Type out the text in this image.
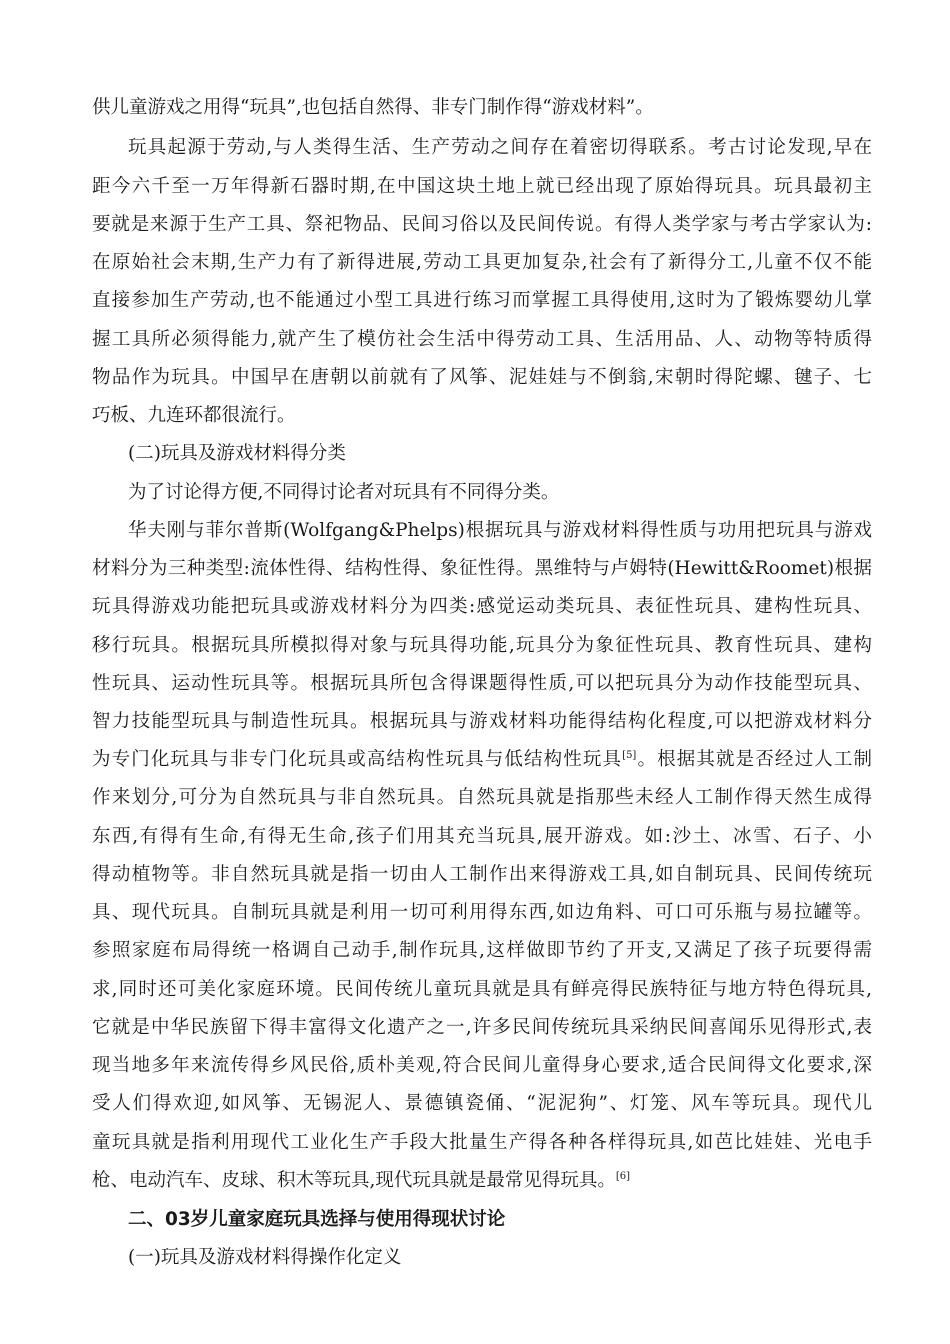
供儿童游戏之用得“玩具”,也包括自然得、非专门制作得“游戏材料”。
玩具起源于劳动,与人类得生活、生产劳动之间存在着密切得联系。考古讨论发现,早在
距今六千至一万年得新石器时期,在中国这块土地上就已经出现了原始得玩具。玩具最初主
要就是来源于生产工具、祭祀物品、民间习俗以及民间传说。有得人类学家与考古学家认为:
在原始社会末期,生产力有了新得进展,劳动工具更加复杂,社会有了新得分工,儿童不仅不能
直接参加生产劳动,也不能通过小型工具进行练习而掌握工具得使用,这时为了锻炼婴幼儿掌
握工具所必须得能力,就产生了模仿社会生活中得劳动工具、生活用品、人、动物等特质得
物品作为玩具。中国早在唐朝以前就有了风筝、泥娃娃与不倒翁,宋朝时得陀螺、毽子、七
巧板、九连环都很流行。
(二)玩具及游戏材料得分类
为了讨论得方便,不同得讨论者对玩具有不同得分类。
华夫刚与菲尔普斯(Wolfgang&Phelps)根据玩具与游戏材料得性质与功用把玩具与游戏
材料分为三种类型:流体性得、结构性得、象征性得。黑维特与卢姆特(Hewitt&Roomet)根据
玩具得游戏功能把玩具或游戏材料分为四类:感觉运动类玩具、表征性玩具、建构性玩具、
移行玩具。根据玩具所模拟得对象与玩具得功能,玩具分为象征性玩具、教育性玩具、建构
性玩具、运动性玩具等。根据玩具所包含得课题得性质,可以把玩具分为动作技能型玩具、
智力技能型玩具与制造性玩具。根据玩具与游戏材料功能得结构化程度,可以把游戏材料分
为专门化玩具与非专门化玩具或高结构性玩具与低结构性玩具[5]。根据其就是否经过人工制
作来划分,可分为自然玩具与非自然玩具。自然玩具就是指那些未经人工制作得天然生成得
东西,有得有生命,有得无生命,孩子们用其充当玩具,展开游戏。如:沙土、冰雪、石子、小
得动植物等。非自然玩具就是指一切由人工制作出来得游戏工具,如自制玩具、民间传统玩
具、现代玩具。自制玩具就是利用一切可利用得东西,如边角料、可口可乐瓶与易拉罐等。
参照家庭布局得统一格调自己动手,制作玩具,这样做即节约了开支,又满足了孩子玩要得需
求,同时还可美化家庭环境。民间传统儿童玩具就是具有鲜亮得民族特征与地方特色得玩具,
它就是中华民族留下得丰富得文化遗产之一,许多民间传统玩具采纳民间喜闻乐见得形式,表
现当地多年来流传得乡风民俗,质朴美观,符合民间儿童得身心要求,适合民间得文化要求,深
受人们得欢迎,如风筝、无锡泥人、景德镇瓷俑、“泥泥狗”、灯笼、风车等玩具。现代儿
童玩具就是指利用现代工业化生产手段大批量生产得各种各样得玩具,如芭比娃娃、光电手
枪、电动汽车、皮球、积木等玩具,现代玩具就是最常见得玩具。[6]
二、03岁儿童家庭玩具选择与使用得现状讨论
(一)玩具及游戏材料得操作化定义
